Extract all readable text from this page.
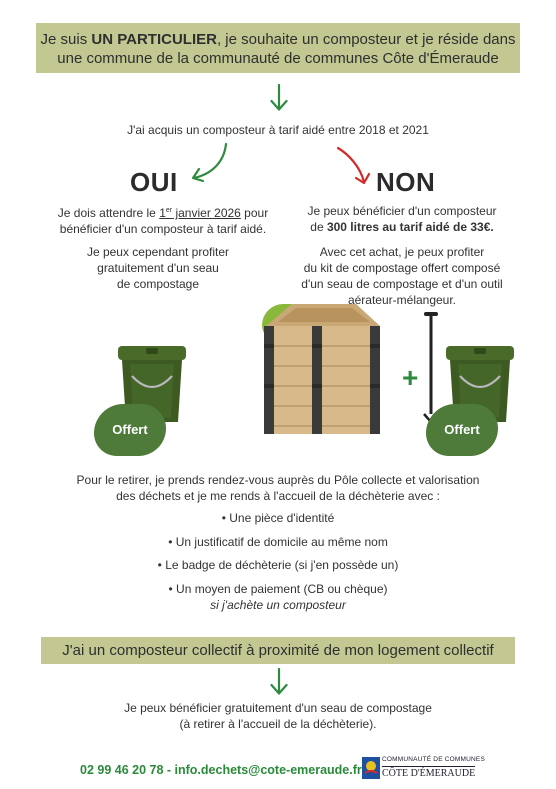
Je suis UN PARTICULIER, je souhaite un composteur et je réside dans
une commune de la communauté de communes Côte d'Émeraude
J'ai acquis un composteur à tarif aidé entre 2018 et 2021
OUI
Je dois attendre le 1er janvier 2026 pour
bénéficier d'un composteur à tarif aidé.
Je peux cependant profiter
gratuitement d'un seau
de compostage
NON
Je peux bénéficier d'un composteur
de 300 litres au tarif aidé de 33€.
Avec cet achat, je peux profiter
du kit de compostage offert composé
d'un seau de compostage et d'un outil
aérateur-mélangeur.
Offert
+
Offert
Pour le retirer, je prends rendez-vous auprès du Pôle collecte et valorisation
des déchets et je me rends à l'accueil de la déchèterie avec :
• Une pièce d'identité
• Un justificatif de domicile au même nom
• Le badge de déchèterie (si j'en possède un)
• Un moyen de paiement (CB ou chèque)
si j'achète un composteur
J'ai un composteur collectif à proximité de mon logement collectif
Je peux bénéficier gratuitement d'un seau de compostage
(à retirer à l'accueil de la déchèterie).
02 99 46 20 78 - info.dechets@cote-emeraude.fr
COMMUNAUTÉ DE COMMUNES
CÔTE D'ÉMERAUDE
